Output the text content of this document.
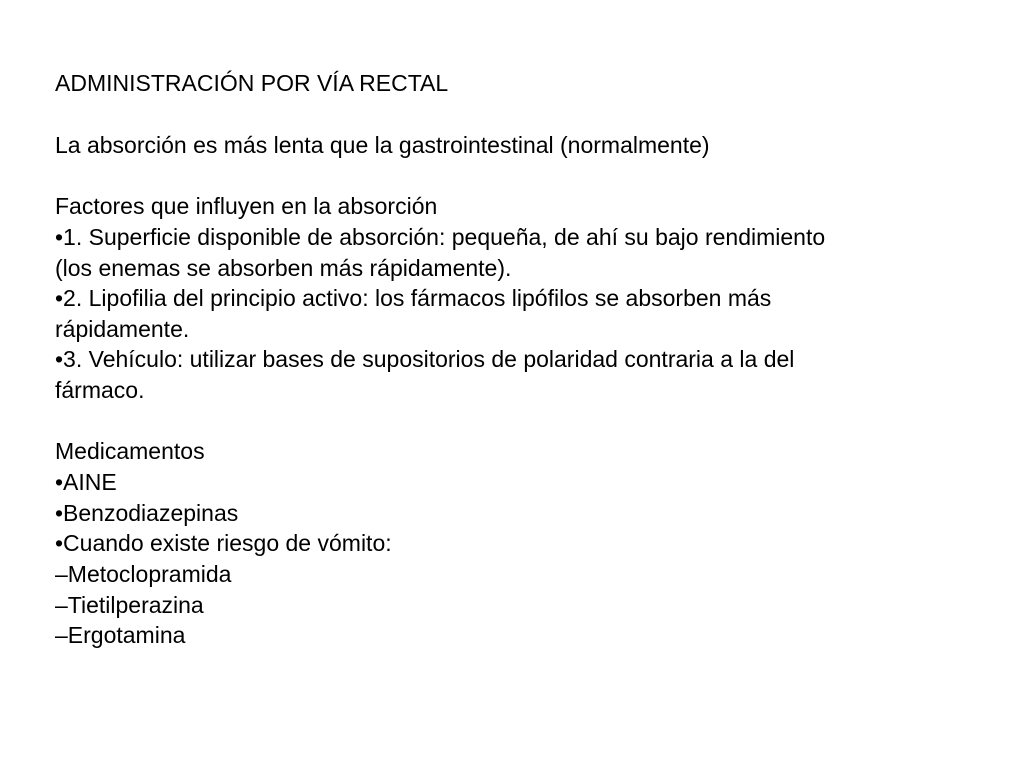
ADMINISTRACIÓN POR VÍA RECTAL
La absorción es más lenta que la gastrointestinal (normalmente)
Factores que influyen en la absorción
•1. Superficie disponible de absorción: pequeña, de ahí su bajo rendimiento
(los enemas se absorben más rápidamente).
•2. Lipofilia del principio activo: los fármacos lipófilos se absorben más
rápidamente.
•3. Vehículo: utilizar bases de supositorios de polaridad contraria a la del
fármaco.
Medicamentos
•AINE
•Benzodiazepinas
•Cuando existe riesgo de vómito:
–Metoclopramida
–Tietilperazina
–Ergotamina
